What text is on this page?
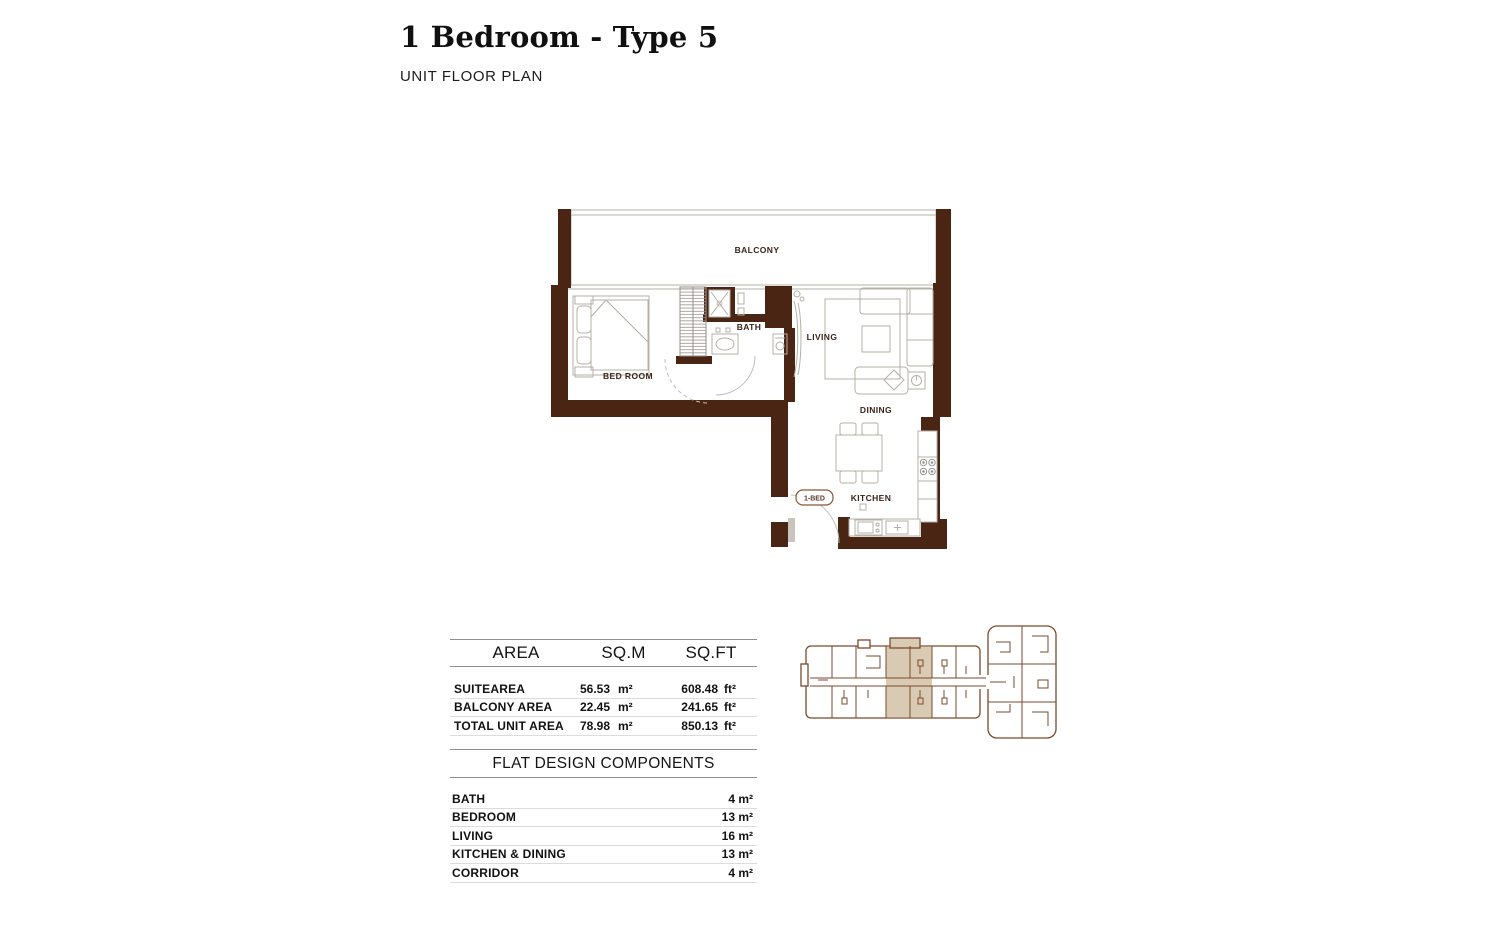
1 Bedroom - Type 5
UNIT FLOOR PLAN
1-BED
BALCONY
BED ROOM
BATH
LIVING
DINING
KITCHEN
AREA	SQ.M	SQ.FT
SUITEAREA	56.53 m²	608.48 ft²
BALCONY AREA	22.45 m²	241.65 ft²
TOTAL UNIT AREA	78.98 m²	850.13 ft²
FLAT DESIGN COMPONENTS
BATH	4 m²
BEDROOM	13 m²
LIVING	16 m²
KITCHEN & DINING	13 m²
CORRIDOR	4 m²
